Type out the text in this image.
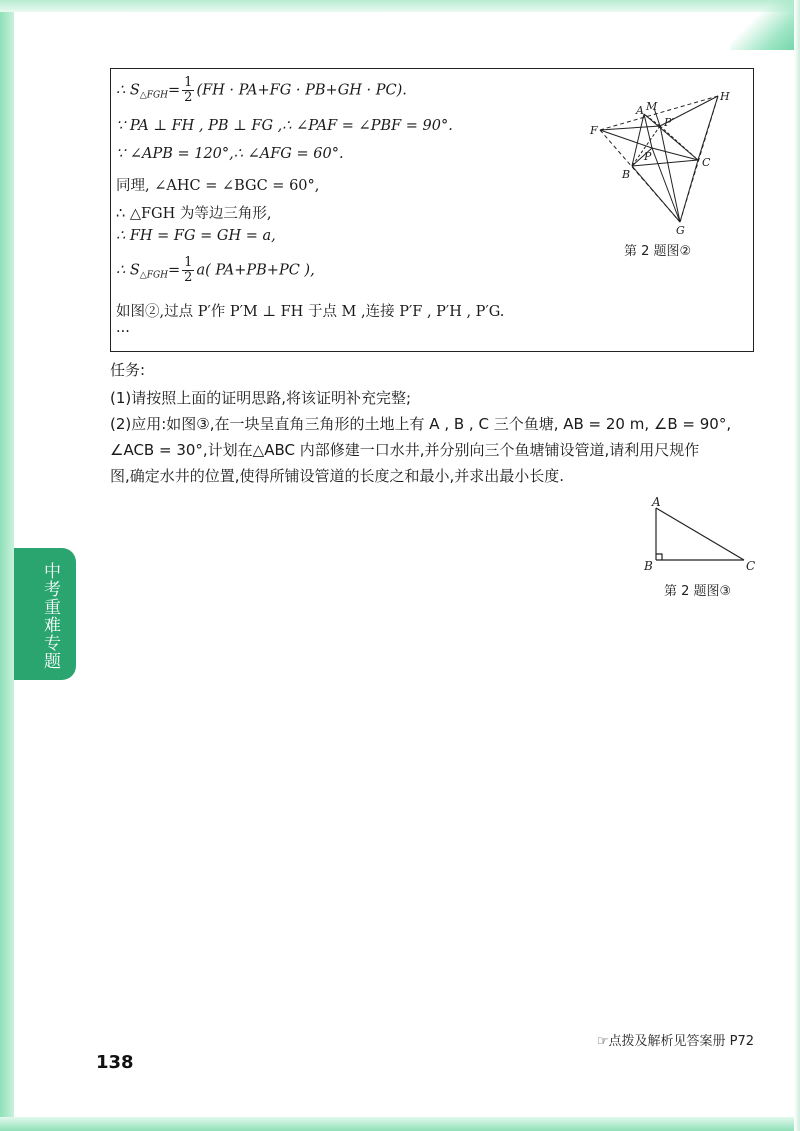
中考重难专题
∴ $S_{\triangle FGH}= \frac{1}{2} (FH \cdot PA+FG \cdot PB+GH \cdot PC)$.
∵ PA ⊥ FH , PB ⊥ FG ,∴ ∠PAF = ∠PBF = 90°.
∵ ∠APB = 120°,∴ ∠AFG = 60°.
同理, ∠AHC = ∠BGC = 60°,
∴ △FGH 为等边三角形,
∴ FH = FG = GH = a,
∴ $S_{\triangle FGH}= \frac{1}{2} a$( PA+PB+PC ),
如图②,过点 P′作 P′M ⊥ FH 于点 M ,连接 P′F , P′H , P′G.
···
A M
H
P′
F
P	C
B
G
第 2 题图②
任务:
(1)请按照上面的证明思路,将该证明补充完整;
(2)应用:如图③,在一块呈直角三角形的土地上有 A , B , C 三个鱼塘, AB = 20 m, ∠B = 90°,
∠ACB = 30°,计划在△ABC 内部修建一口水井,并分别向三个鱼塘铺设管道,请利用尺规作
图,确定水井的位置,使得所铺设管道的长度之和最小,并求出最小长度.
A
B	C
第 2 题图③
☞点拨及解析见答案册 P72
138
